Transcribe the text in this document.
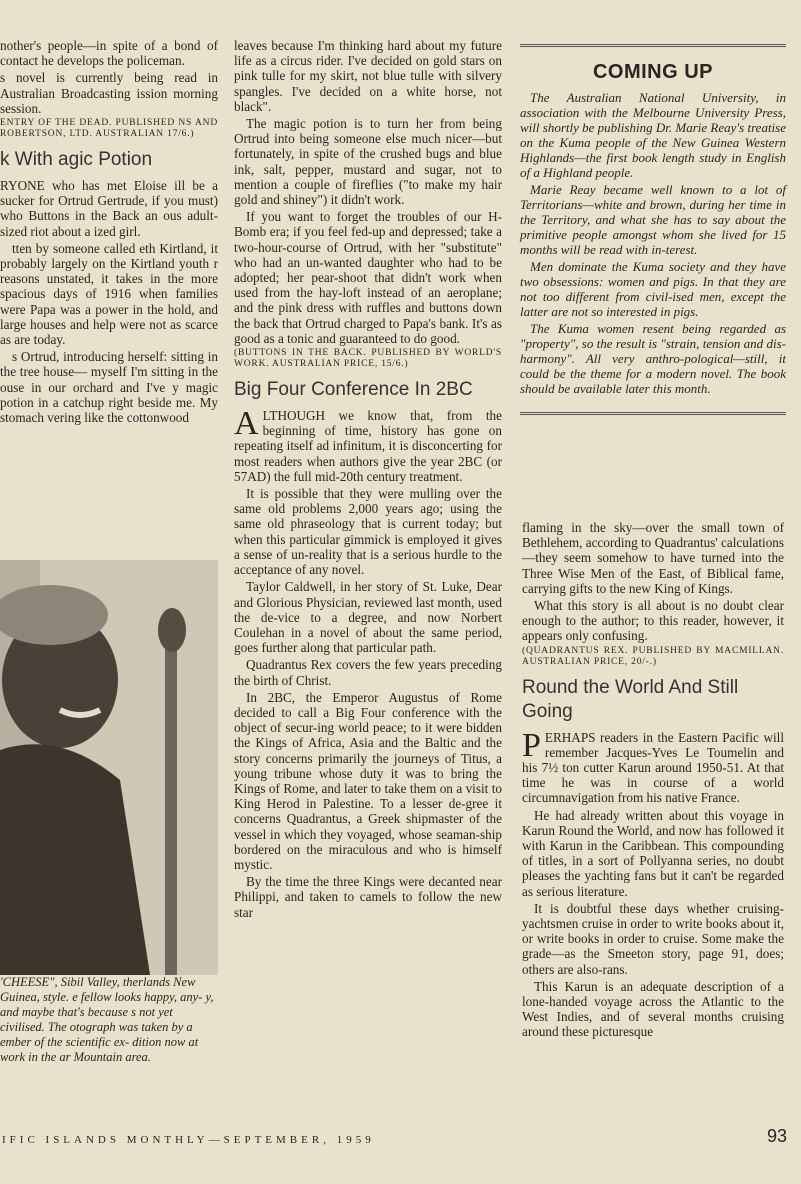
nother's people—in spite of a bond of contact he develops the policeman.

s novel is currently being read in Australian Broadcasting ission morning session.

ENTRY OF THE DEAD. PUBLISHED NS AND ROBERTSON, LTD. AUSTRALIAN 17/6.)

k With agic Potion

RYONE who has met Eloise ill be a sucker for Ortrud Gertrude, if you must) who Buttons in the Back an ous adult-sized riot about a ized girl.

tten by someone called eth Kirtland, it probably largely on the Kirtland youth r reasons unstated, it takes in the more spacious days of 1916 when families were Papa was a power in the hold, and large houses and help were not as scarce as are today.

s Ortrud, introducing herself: sitting in the tree house— myself I'm sitting in the ouse in our orchard and I've y magic potion in a catchup right beside me. My stomach vering like the cottonwood

'CHEESE", Sibil Valley, therlands New Guinea, style. e fellow looks happy, any- y, and maybe that's because s not yet civilised. The otograph was taken by a ember of the scientific ex- dition now at work in the ar Mountain area.

leaves because I'm thinking hard about my future life as a circus rider. I've decided on gold stars on pink tulle for my skirt, not blue tulle with silvery spangles. I've decided on a white horse, not black".

The magic potion is to turn her from being Ortrud into being someone else much nicer—but fortunately, in spite of the crushed bugs and blue ink, salt, pepper, mustard and sugar, not to mention a couple of fireflies ("to make my hair gold and shiney") it didn't work.

If you want to forget the troubles of our H-Bomb era; if you feel fed-up and depressed; take a two-hour-course of Ortrud, with her "substitute" who had an un-wanted daughter who had to be adopted; her pear-shoot that didn't work when used from the hay-loft instead of an aeroplane; and the pink dress with ruffles and buttons down the back that Ortrud charged to Papa's bank. It's as good as a tonic and guaranteed to do good.

(BUTTONS IN THE BACK. PUBLISHED BY WORLD'S WORK. AUSTRALIAN PRICE, 15/6.)

Big Four Conference In 2BC

ALTHOUGH we know that, from the beginning of time, history has gone on repeating itself ad infinitum, it is disconcerting for most readers when authors give the year 2BC (or 57AD) the full mid-20th century treatment.

It is possible that they were mulling over the same old problems 2,000 years ago; using the same old phraseology that is current today; but when this particular gimmick is employed it gives a sense of un-reality that is a serious hurdle to the acceptance of any novel.

Taylor Caldwell, in her story of St. Luke, Dear and Glorious Physician, reviewed last month, used the de-vice to a degree, and now Norbert Coulehan in a novel of about the same period, goes further along that particular path.

Quadrantus Rex covers the few years preceding the birth of Christ.

In 2BC, the Emperor Augustus of Rome decided to call a Big Four conference with the object of secur-ing world peace; to it were bidden the Kings of Africa, Asia and the Baltic and the story concerns primarily the journeys of Titus, a young tribune whose duty it was to bring the Kings of Rome, and later to take them on a visit to King Herod in Palestine. To a lesser de-gree it concerns Quadrantus, a Greek shipmaster of the vessel in which they voyaged, whose seaman-ship bordered on the miraculous and who is himself mystic.

By the time the three Kings were decanted near Philippi, and taken to camels to follow the new star

COMING UP

The Australian National University, in association with the Melbourne University Press, will shortly be publishing Dr. Marie Reay's treatise on the Kuma people of the New Guinea Western Highlands—the first book length study in English of a Highland people.

Marie Reay became well known to a lot of Territorians—white and brown, during her time in the Territory, and what she has to say about the primitive people amongst whom she lived for 15 months will be read with in-terest.

Men dominate the Kuma society and they have two obsessions: women and pigs. In that they are not too different from civil-ised men, except the latter are not so interested in pigs.

The Kuma women resent being regarded as "property", so the result is "strain, tension and dis-harmony". All very anthro-pological—still, it could be the theme for a modern novel. The book should be available later this month.

flaming in the sky—over the small town of Bethlehem, according to Quadrantus' calculations—they seem somehow to have turned into the Three Wise Men of the East, of Biblical fame, carrying gifts to the new King of Kings.

What this story is all about is no doubt clear enough to the author; to this reader, however, it appears only confusing.

(QUADRANTUS REX. PUBLISHED BY MACMILLAN. AUSTRALIAN PRICE, 20/-.)

Round the World And Still Going

PERHAPS readers in the Eastern Pacific will remember Jacques-Yves Le Toumelin and his 7½ ton cutter Karun around 1950-51. At that time he was in course of a world circumnavigation from his native France.

He had already written about this voyage in Karun Round the World, and now has followed it with Karun in the Caribbean. This compounding of titles, in a sort of Pollyanna series, no doubt pleases the yachting fans but it can't be regarded as serious literature.

It is doubtful these days whether cruising-yachtsmen cruise in order to write books about it, or write books in order to cruise. Some make the grade—as the Smeeton story, page 91, does; others are also-rans.

This Karun is an adequate description of a lone-handed voyage across the Atlantic to the West Indies, and of several months cruising around these picturesque

IFIC ISLANDS MONTHLY—SEPTEMBER, 1959	93
